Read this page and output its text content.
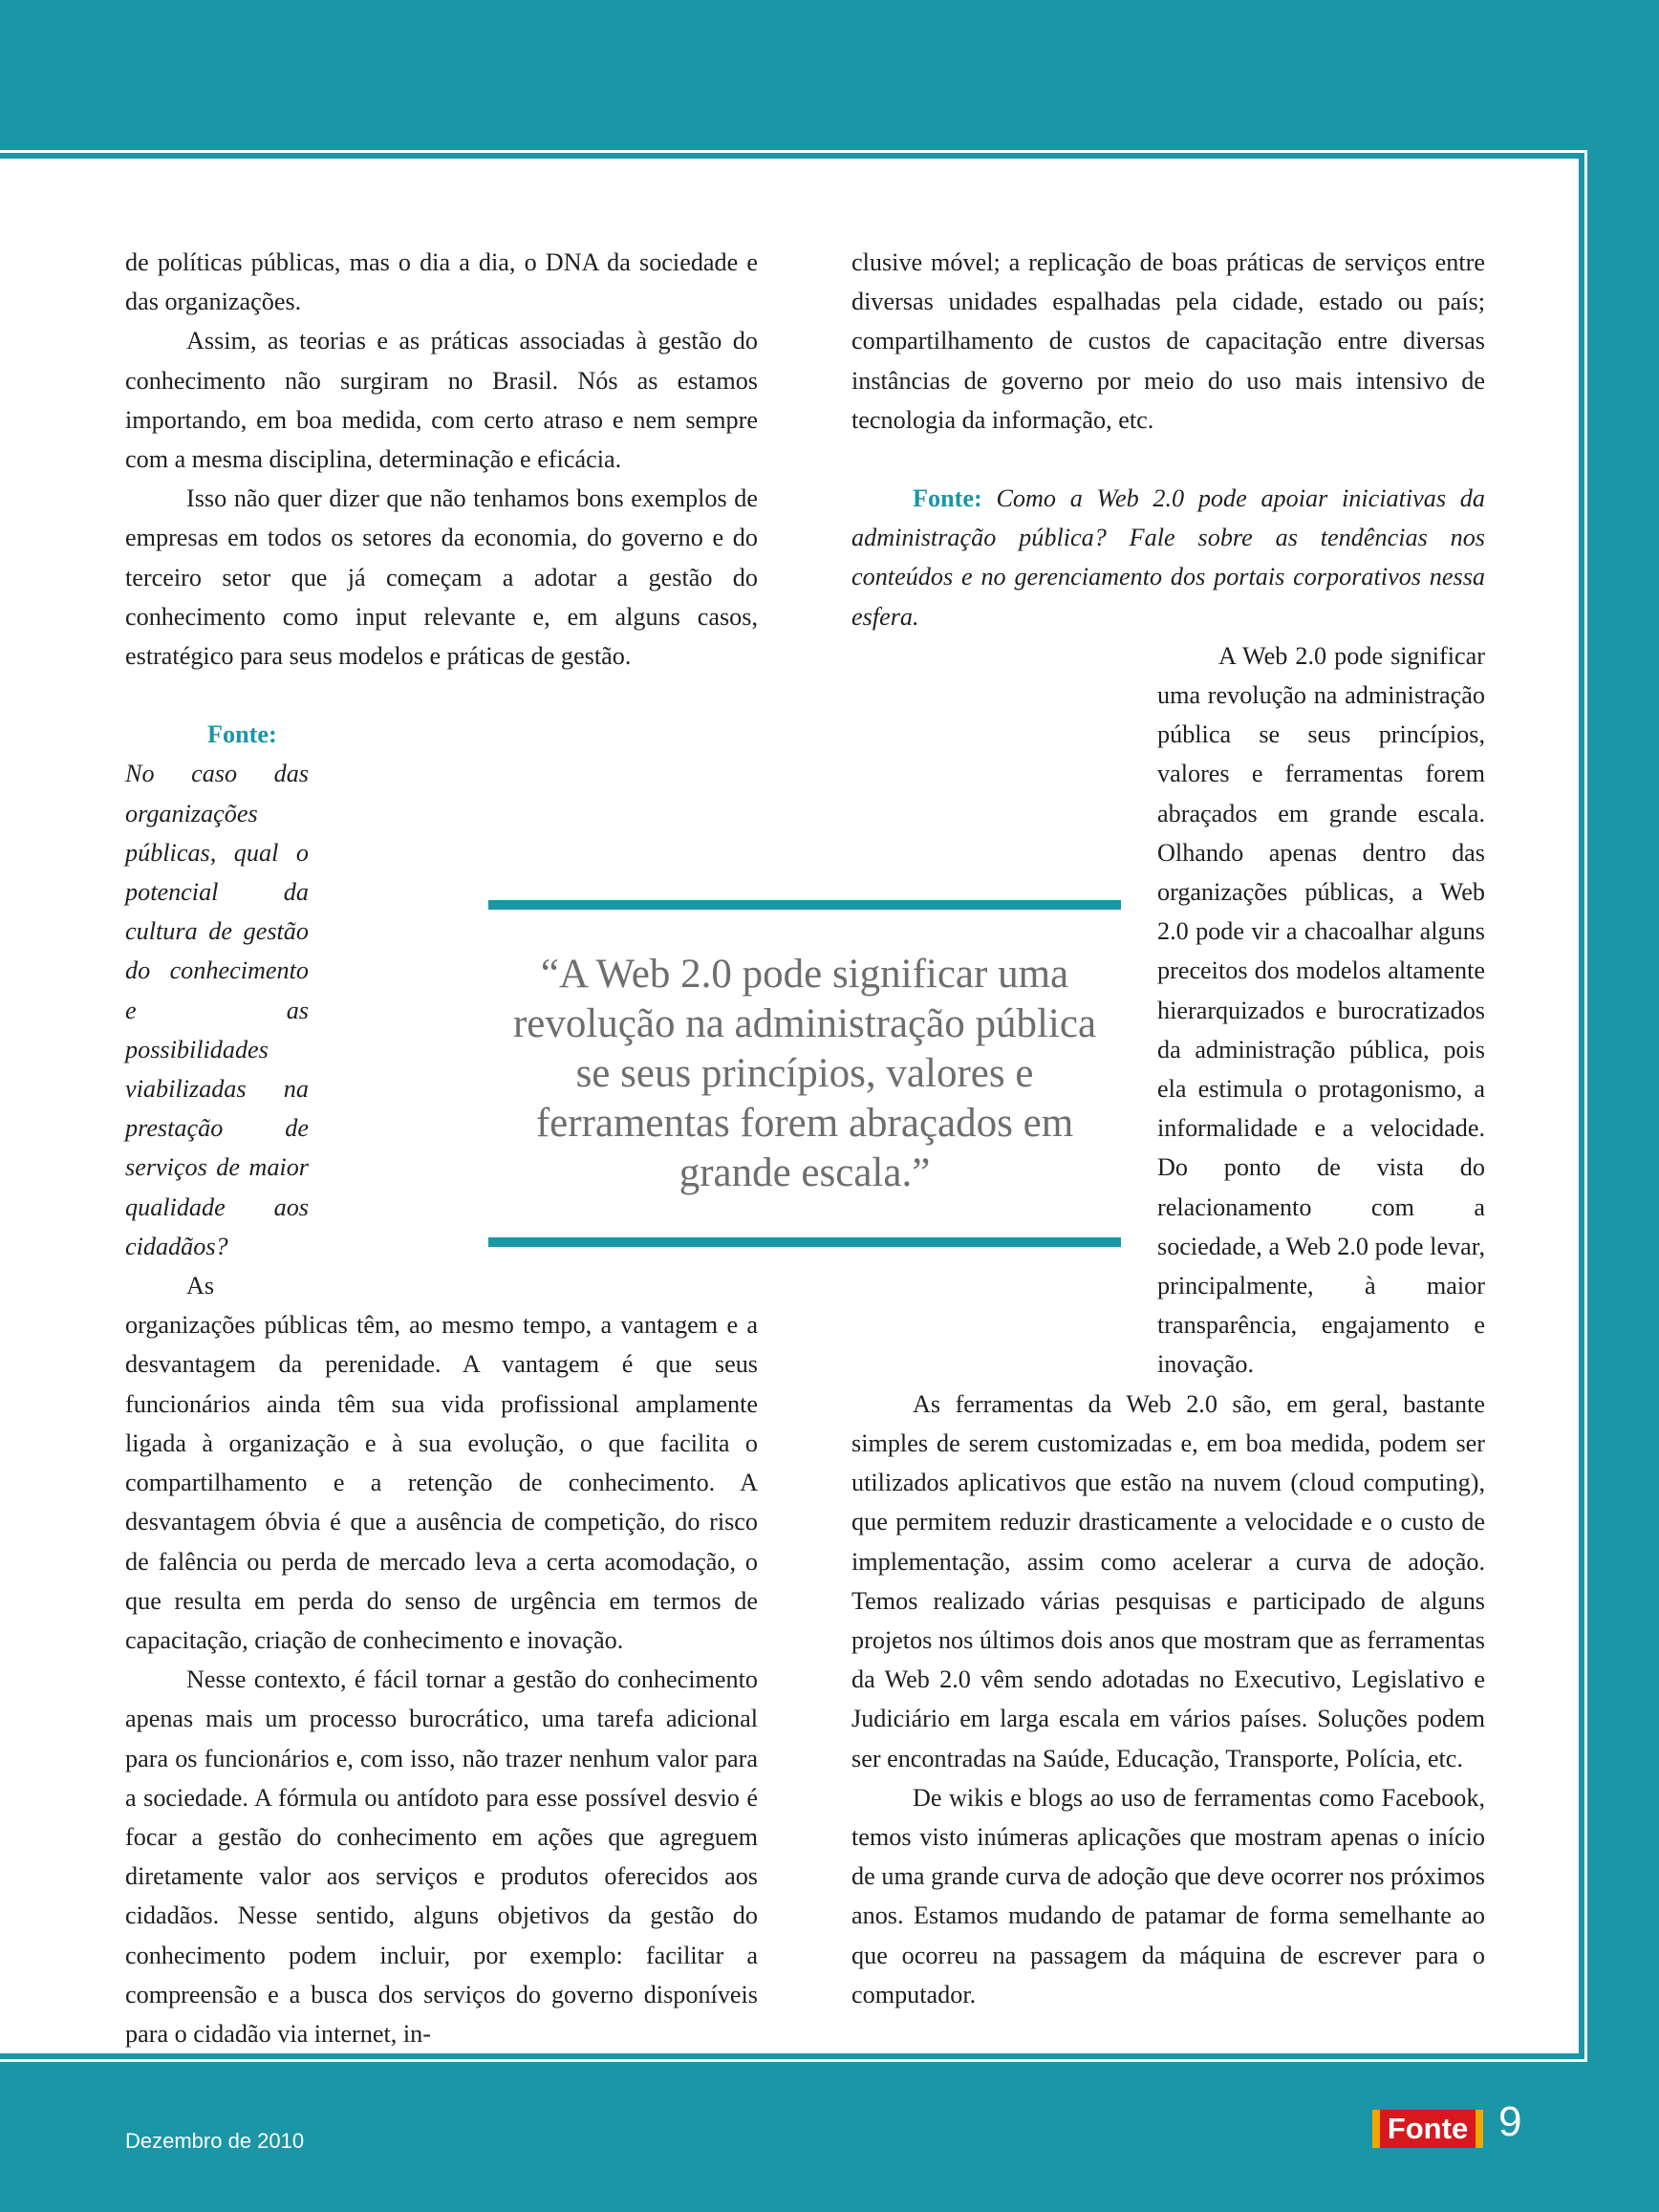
de políticas públicas, mas o dia a dia, o DNA da sociedade e das organizações.

Assim, as teorias e as práticas associadas à gestão do conhecimento não surgiram no Brasil. Nós as estamos importando, em boa medida, com certo atraso e nem sempre com a mesma disciplina, determinação e eficácia.

Isso não quer dizer que não tenhamos bons exemplos de empresas em todos os setores da economia, do governo e do terceiro setor que já começam a adotar a gestão do conhecimento como input relevante e, em alguns casos, estratégico para seus modelos e práticas de gestão.

Fonte: No caso das organizações públicas, qual o potencial da cultura de gestão do conhecimento e as possibilidades viabilizadas na prestação de serviços de maior qualidade aos cidadãos?

As organizações públicas têm, ao mesmo tempo, a vantagem e a desvantagem da perenidade. A vantagem é que seus funcionários ainda têm sua vida profissional amplamente ligada à organização e à sua evolução, o que facilita o compartilhamento e a retenção de conhecimento. A desvantagem óbvia é que a ausência de competição, do risco de falência ou perda de mercado leva a certa acomodação, o que resulta em perda do senso de urgência em termos de capacitação, criação de conhecimento e inovação.

Nesse contexto, é fácil tornar a gestão do conhecimento apenas mais um processo burocrático, uma tarefa adicional para os funcionários e, com isso, não trazer nenhum valor para a sociedade. A fórmula ou antídoto para esse possível desvio é focar a gestão do conhecimento em ações que agreguem diretamente valor aos serviços e produtos oferecidos aos cidadãos. Nesse sentido, alguns objetivos da gestão do conhecimento podem incluir, por exemplo: facilitar a compreensão e a busca dos serviços do governo disponíveis para o cidadão via internet, in-

clusive móvel; a replicação de boas práticas de serviços entre diversas unidades espalhadas pela cidade, estado ou país; compartilhamento de custos de capacitação entre diversas instâncias de governo por meio do uso mais intensivo de tecnologia da informação, etc.

Fonte: Como a Web 2.0 pode apoiar iniciativas da administração pública? Fale sobre as tendências nos conteúdos e no gerenciamento dos portais corporativos nessa esfera.

A Web 2.0 pode significar uma revolução na administração pública se seus princípios, valores e ferramentas forem abraçados em grande escala. Olhando apenas dentro das organizações públicas, a Web 2.0 pode vir a chacoalhar alguns preceitos dos modelos altamente hierarquizados e burocratizados da administração pública, pois ela estimula o protagonismo, a informalidade e a velocidade. Do ponto de vista do relacionamento com a sociedade, a Web 2.0 pode levar, principalmente, à maior transparência, engajamento e inovação.

As ferramentas da Web 2.0 são, em geral, bastante simples de serem customizadas e, em boa medida, podem ser utilizados aplicativos que estão na nuvem (cloud computing), que permitem reduzir drasticamente a velocidade e o custo de implementação, assim como acelerar a curva de adoção. Temos realizado várias pesquisas e participado de alguns projetos nos últimos dois anos que mostram que as ferramentas da Web 2.0 vêm sendo adotadas no Executivo, Legislativo e Judiciário em larga escala em vários países. Soluções podem ser encontradas na Saúde, Educação, Transporte, Polícia, etc.

De wikis e blogs ao uso de ferramentas como Facebook, temos visto inúmeras aplicações que mostram apenas o início de uma grande curva de adoção que deve ocorrer nos próximos anos. Estamos mudando de patamar de forma semelhante ao que ocorreu na passagem da máquina de escrever para o computador.

“A Web 2.0 pode significar uma revolução na administração pública se seus princípios, valores e ferramentas forem abraçados em grande escala.”
Dezembro de 2010	Fonte 9
